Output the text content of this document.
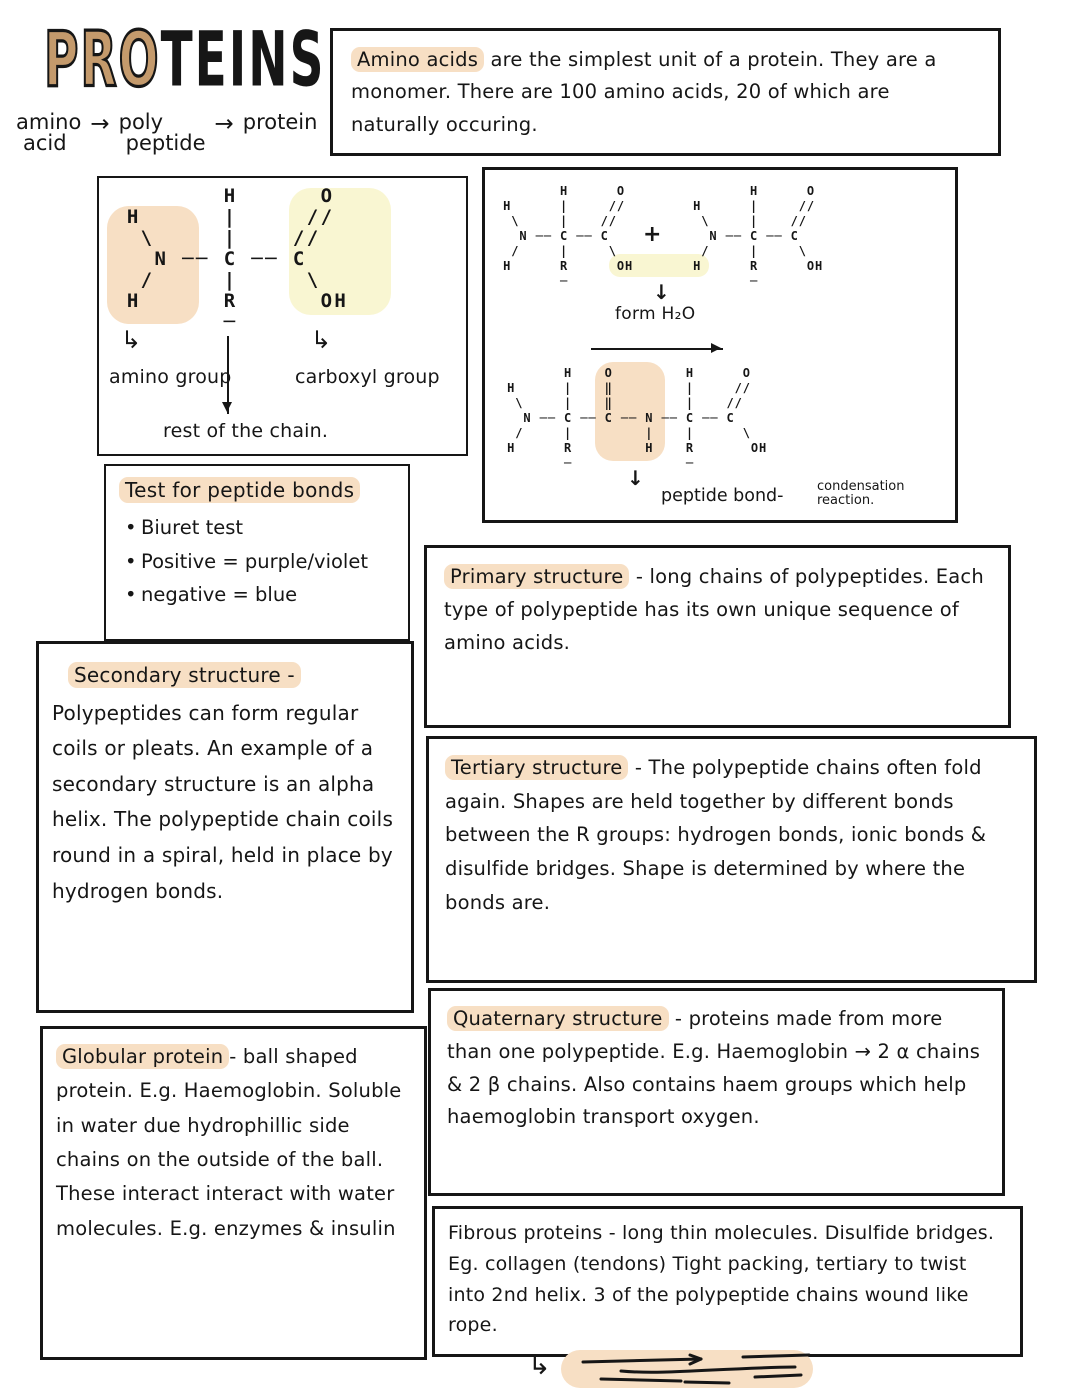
PROTEINS
amino
acid
→ poly
peptide
→ protein

Amino acids are the simplest unit of a protein. They are a monomer. There are 100 amino acids, 20 of which are naturally occuring.

H      O
H      |     //
\     |    //
N ── C ── C
/     |     \
H      R      OH
─
↳	↳
amino group	carboxyl group
rest of the chain.
H      O
H      |     //
\     |    //
N ── C ── C
/     |     \
H      R      OH
─
+
H      O
H      |     //
\     |    //
N ── C ── C
/     |     \
H      R      OH
─
↓
form H₂O
H    O         H      O
H      |    ‖         |     //
\     |    ‖         |    //
N ── C ── C ── N ── C ── C
/     |         |    |      \
H      R         H    R       OH
─              ─
↓
peptide bond-	condensation
reaction.
Test for peptide bonds
• Biuret test
• Positive = purple/violet
• negative = blue

Primary structure - long chains of polypeptides. Each type of polypeptide has its own unique sequence of amino acids.

Secondary structure -
Polypeptides can form regular coils or pleats. An example of a secondary structure is an alpha helix. The polypeptide chain coils round in a spiral, held in place by hydrogen bonds.

Tertiary structure - The polypeptide chains often fold again. Shapes are held together by different bonds between the R groups: hydrogen bonds, ionic bonds & disulfide bridges. Shape is determined by where the bonds are.

Quaternary structure - proteins made from more than one polypeptide. E.g. Haemoglobin → 2 α chains & 2 β chains. Also contains haem groups which help haemoglobin transport oxygen.

Globular protein - ball shaped protein. E.g. Haemoglobin. Soluble in water due hydrophillic side chains on the outside of the ball. These interact interact with water molecules. E.g. enzymes & insulin	Fibrous proteins - long thin molecules. Disulfide bridges. Eg. collagen (tendons) Tight packing, tertiary to twist into 2nd helix. 3 of the polypeptide chains wound like rope.

↳
